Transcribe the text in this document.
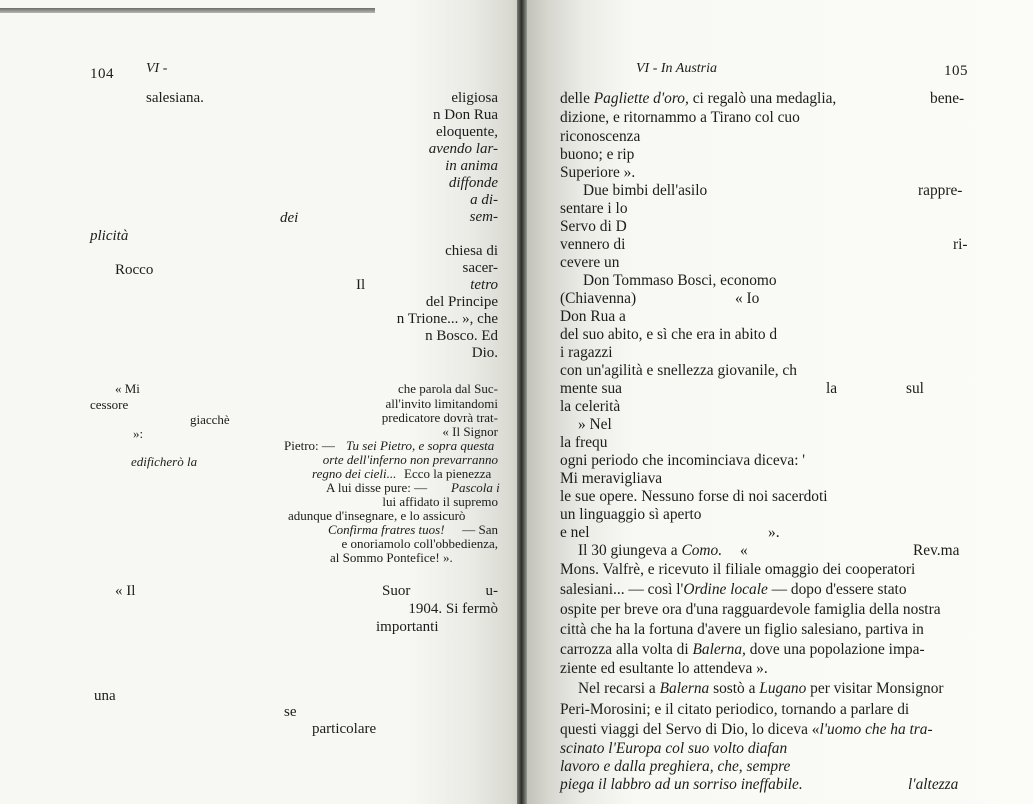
104 VI -
salesiana.	eligiosa
n Don Rua
eloquente,
avendo lar-
in anima
diffonde
a di-
sem-
dei
plicità
chiesa di
sacer-
Rocco
tetro
Il
del Principe
n Trione... », che
n Bosco. Ed
Dio.
« Mi	che parola dal Suc-
cessore	all'invito limitandomi
giacchè	predicatore dovrà trat-
»:	« Il Signor
Pietro: — Tu sei Pietro, e sopra questa
edificherò la	orte dell'inferno non prevarranno
regno dei cieli... Ecco la pienezza
A lui disse pure: — Pascola i
lui affidato il supremo
adunque d'insegnare, e lo assicurò
Confirma fratres tuos!	— San
e onoriamolo coll'obbedienza,
al Sommo Pontefice! ».
Suor	u-
« Il
1904. Si fermò
importanti
una
se
particolare
VI - In Austria	105
delle Pagliette d'oro, ci regalò una medaglia,	bene-
dizione, e ritornammo a Tirano col cuo
riconoscenza
buono; e rip
Superiore ».
Due bimbi dell'asilo	rappre-
sentare i lo
Servo di D
vennero di	ri-
cevere un
Don Tommaso Bosci, economo
(Chiavenna)	« Io
Don Rua a
del suo abito, e sì che era in abito d
i ragazzi
con un'agilità e snellezza giovanile, ch
mente sua
la celerità
la	sul
» Nel
la frequ
ogni periodo che incominciava diceva: '
Mi meravigliava
le sue opere. Nessuno forse di noi sacerdoti
un linguaggio sì aperto
e nel	».
Il 30 giungeva a Como. «	Rev.ma
Mons. Valfrè, e ricevuto il filiale omaggio dei cooperatori
salesiani... — così l'Ordine locale — dopo d'essere stato
ospite per breve ora d'una ragguardevole famiglia della nostra
città che ha la fortuna d'avere un figlio salesiano, partiva in
carrozza alla volta di Balerna, dove una popolazione impa-
ziente ed esultante lo attendeva ».
Nel recarsi a Balerna sostò a Lugano per visitar Monsignor
Peri-Morosini; e il citato periodico, tornando a parlare di
questi viaggi del Servo di Dio, lo diceva «l'uomo che ha tra-
scinato l'Europa col suo volto diafan
lavoro e dalla preghiera, che, sempre
piega il labbro ad un sorriso ineffabile.	l'altezza
